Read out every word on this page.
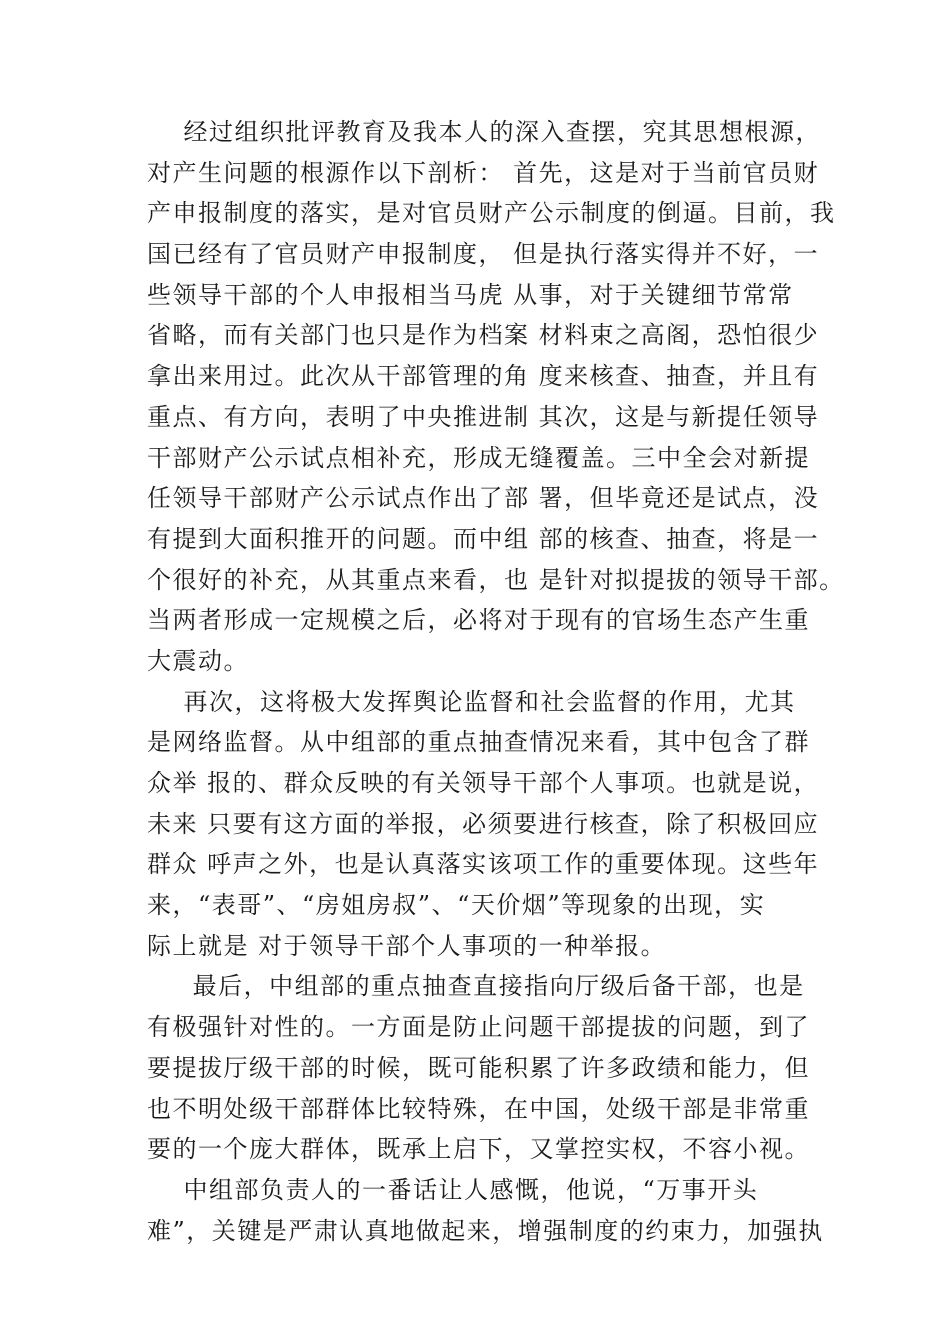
经过组织批评教育及我本人的深入查摆，究其思想根源，
对产生问题的根源作以下剖析： 首先，这是对于当前官员财
产申报制度的落实，是对官员财产公示制度的倒逼。目前，我
国已经有了官员财产申报制度， 但是执行落实得并不好，一
些领导干部的个人申报相当马虎 从事，对于关键细节常常
省略，而有关部门也只是作为档案 材料束之高阁，恐怕很少
拿出来用过。此次从干部管理的角 度来核查、抽查，并且有
重点、有方向，表明了中央推进制 其次，这是与新提任领导
干部财产公示试点相补充，形成无缝覆盖。三中全会对新提
任领导干部财产公示试点作出了部 署，但毕竟还是试点，没
有提到大面积推开的问题。而中组 部的核查、抽查，将是一
个很好的补充，从其重点来看，也 是针对拟提拔的领导干部。
当两者形成一定规模之后，必将对于现有的官场生态产生重
大震动。
再次，这将极大发挥舆论监督和社会监督的作用，尤其
是网络监督。从中组部的重点抽查情况来看，其中包含了群
众举 报的、群众反映的有关领导干部个人事项。也就是说，
未来 只要有这方面的举报，必须要进行核查，除了积极回应
群众 呼声之外，也是认真落实该项工作的重要体现。这些年
来，“表哥”、“房姐房叔”、“天价烟”等现象的出现，实
际上就是 对于领导干部个人事项的一种举报。
最后，中组部的重点抽查直接指向厅级后备干部，也是
有极强针对性的。一方面是防止问题干部提拔的问题，到了
要提拔厅级干部的时候，既可能积累了许多政绩和能力，但
也不明处级干部群体比较特殊，在中国，处级干部是非常重
要的一个庞大群体，既承上启下，又掌控实权，不容小视。
中组部负责人的一番话让人感慨，他说，“万事开头
难”，关键是严肃认真地做起来，增强制度的约束力，加强执
